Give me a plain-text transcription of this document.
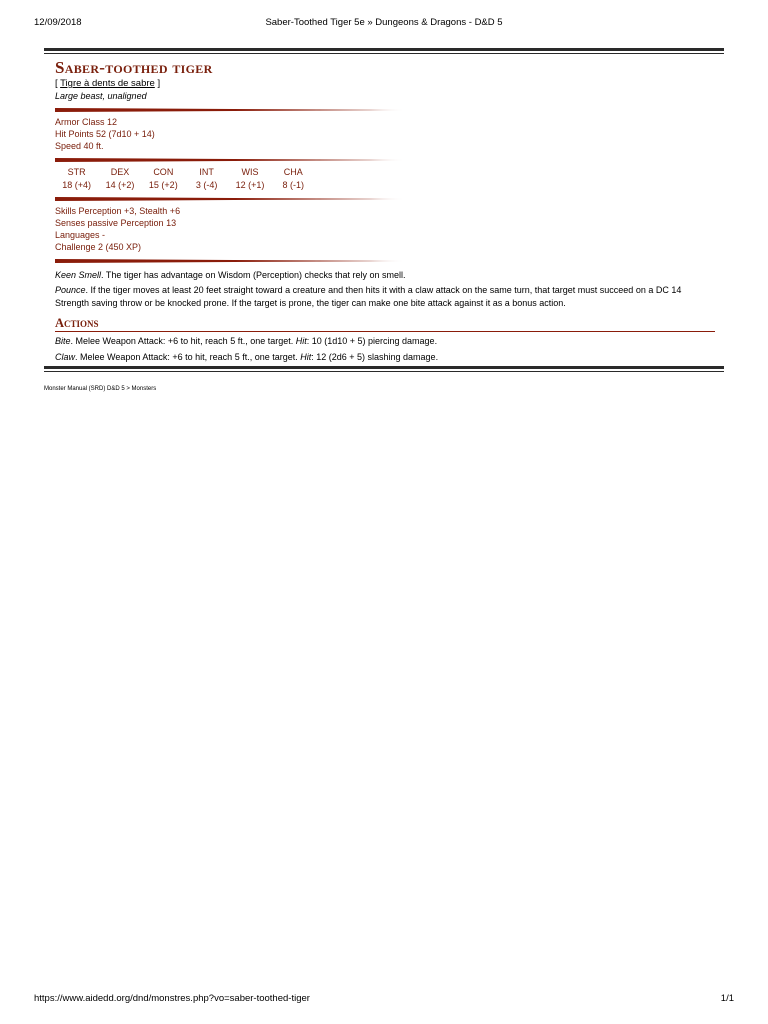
12/09/2018	Saber-Toothed Tiger 5e » Dungeons & Dragons - D&D 5
Saber-toothed tiger
[ Tigre à dents de sabre ]
Large beast, unaligned
Armor Class 12
Hit Points 52 (7d10 + 14)
Speed 40 ft.
STR
18 (+4)
DEX
14 (+2)
CON
15 (+2)
INT
3 (-4)
WIS
12 (+1)
CHA
8 (-1)
Skills Perception +3, Stealth +6
Senses passive Perception 13
Languages -
Challenge 2 (450 XP)
Keen Smell. The tiger has advantage on Wisdom (Perception) checks that rely on smell.
Pounce. If the tiger moves at least 20 feet straight toward a creature and then hits it with a claw attack on the same turn, that target must succeed on a DC 14 Strength saving throw or be knocked prone. If the target is prone, the tiger can make one bite attack against it as a bonus action.
Actions
Bite. Melee Weapon Attack: +6 to hit, reach 5 ft., one target. Hit: 10 (1d10 + 5) piercing damage.
Claw. Melee Weapon Attack: +6 to hit, reach 5 ft., one target. Hit: 12 (2d6 + 5) slashing damage.
Monster Manual (SRD) D&D 5 > Monsters
https://www.aidedd.org/dnd/monstres.php?vo=saber-toothed-tiger	1/1
